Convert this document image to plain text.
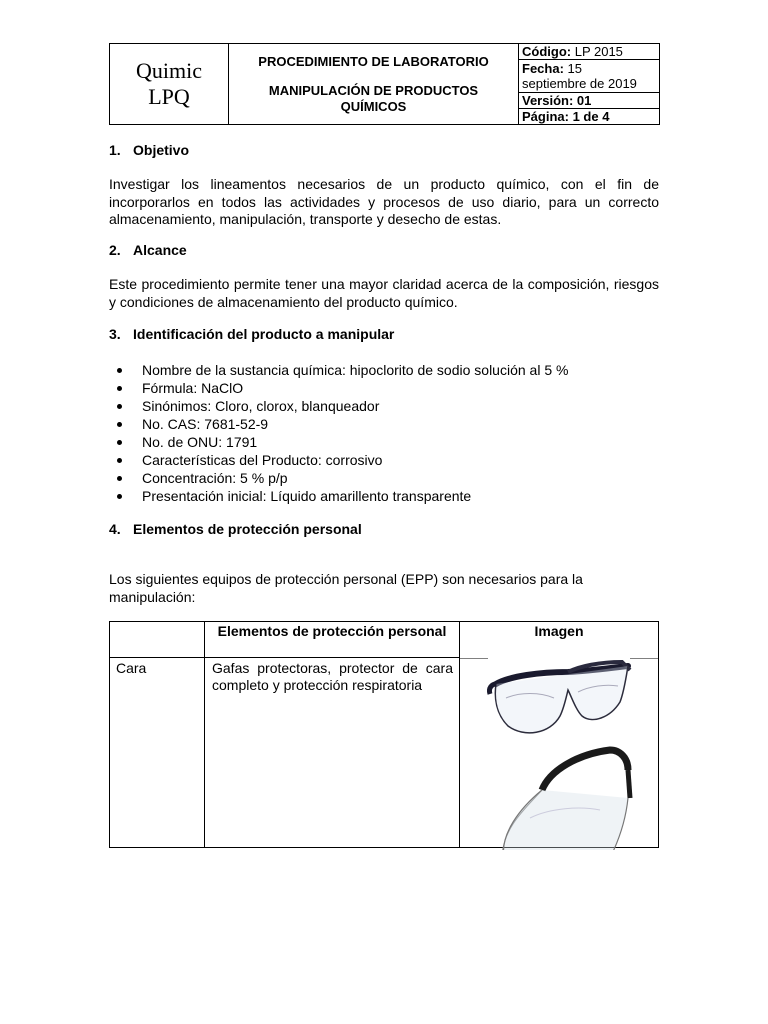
Quimic
LPQ

PROCEDIMIENTO DE LABORATORIO
MANIPULACIÓN DE PRODUCTOS
QUÍMICOS
	Código: LP 2015
Fecha: 15
septiembre de 2019
Versión: 01
Página: 1 de 4
1. Objetivo
Investigar los lineamentos necesarios de un producto químico, con el fin de incorporarlos en todos las actividades y procesos de uso diario, para un correcto almacenamiento, manipulación, transporte y desecho de estas.
2. Alcance
Este procedimiento permite tener una mayor claridad acerca de la composición, riesgos y condiciones de almacenamiento del producto químico.
3. Identificación del producto a manipular
Nombre de la sustancia química: hipoclorito de sodio solución al 5 %
Fórmula: NaClO
Sinónimos: Cloro, clorox, blanqueador
No. CAS: 7681-52-9
No. de ONU: 1791
Características del Producto: corrosivo
Concentración: 5 % p/p
Presentación inicial: Líquido amarillento transparente
4. Elementos de protección personal
Los siguientes equipos de protección personal (EPP) son necesarios para la manipulación:
	Elementos de protección personal	Imagen
Cara	Gafas protectoras, protector de cara completo y protección respiratoria	
